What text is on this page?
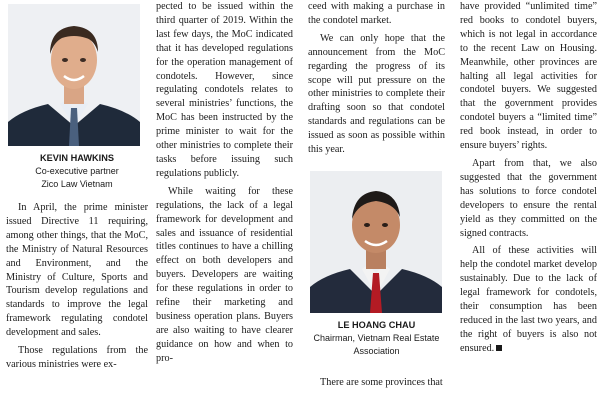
KEVIN HAWKINS
Co-executive partner
Zico Law Vietnam

In April, the prime minister issued Directive 11 requiring, among other things, that the MoC, the Ministry of Natural Resources and Environment, and the Ministry of Culture, Sports and Tourism develop regulations and standards to improve the legal framework regulating condotel development and sales.

Those regulations from the various ministries were ex-

pected to be issued within the third quarter of 2019. Within the last few days, the MoC indicated that it has developed regulations for the operation management of condotels. However, since regulating condotels relates to several ministries’ functions, the MoC has been instructed by the prime minister to wait for the other ministries to complete their tasks before issuing such regulations publicly.

While waiting for these regulations, the lack of a legal framework for development and sales and issuance of residential titles continues to have a chilling effect on both developers and buyers. Developers are waiting for these regulations in order to refine their marketing and business operation plans. Buyers are also waiting to have clearer guidance on how and when to pro-

ceed with making a purchase in the condotel market.

We can only hope that the announcement from the MoC regarding the progress of its scope will put pressure on the other ministries to complete their drafting soon so that condotel standards and regulations can be issued as soon as possible within this year.

LE HOANG CHAU
Chairman, Vietnam Real Estate Association

There are some provinces that

have provided “unlimited time” red books to condotel buyers, which is not legal in accordance to the recent Law on Housing. Meanwhile, other provinces are halting all legal activities for condotel buyers. We suggested that the government provides condotel buyers a “limited time” red book instead, in order to ensure buyers’ rights.

Apart from that, we also suggested that the government has solutions to force condotel developers to ensure the rental yield as they committed on the signed contracts.

All of these activities will help the condotel market develop sustainably. Due to the lack of legal framework for condotels, their consumption has been reduced in the last two years, and the right of buyers is also not ensured.
